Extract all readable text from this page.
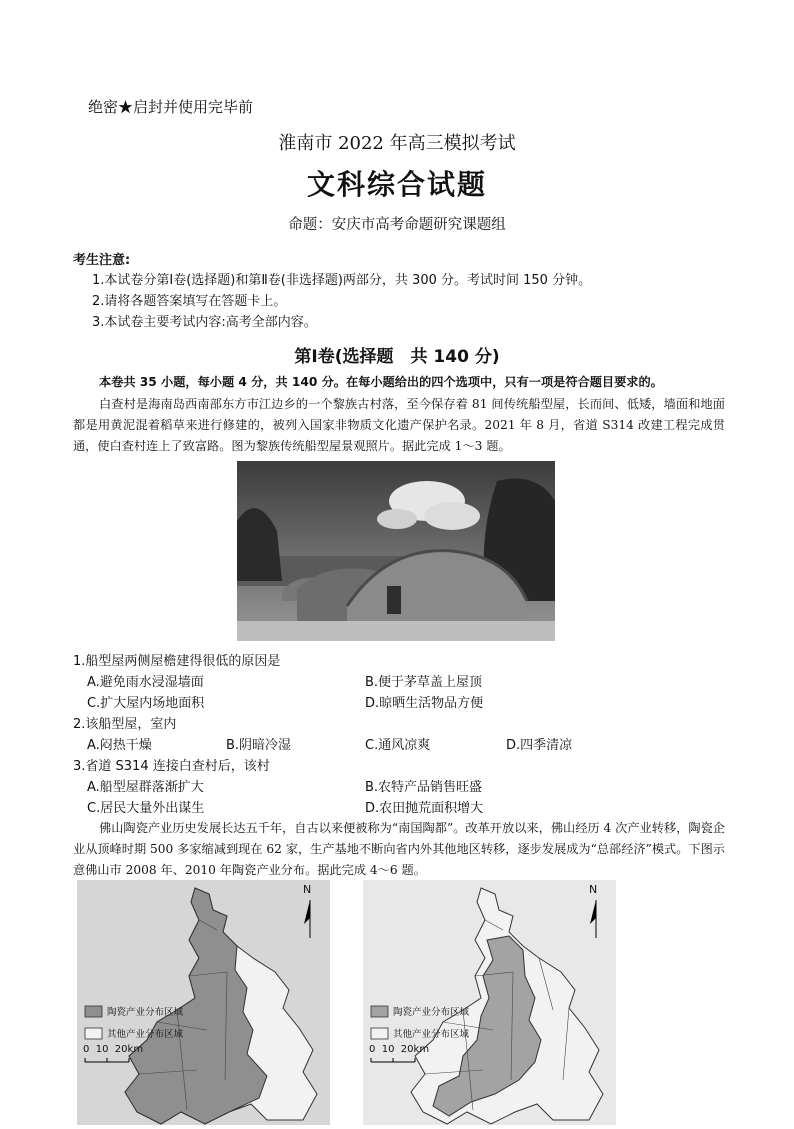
绝密★启封并使用完毕前
淮南市 2022 年高三模拟考试
文科综合试题
命题：安庆市高考命题研究课题组
考生注意:
1.本试卷分第Ⅰ卷(选择题)和第Ⅱ卷(非选择题)两部分，共 300 分。考试时间 150 分钟。
2.请将各题答案填写在答题卡上。
3.本试卷主要考试内容:高考全部内容。
第Ⅰ卷(选择题　共 140 分)
本卷共 35 小题，每小题 4 分，共 140 分。在每小题给出的四个选项中，只有一项是符合题目要求的。
白查村是海南岛西南部东方市江边乡的一个黎族古村落，至今保存着 81 间传统船型屋，长而间、低矮，墙面和地面都是用黄泥混着稻草来进行修建的，被列入国家非物质文化遗产保护名录。2021 年 8 月，省道 S314 改建工程完成贯通，使白查村连上了致富路。图为黎族传统船型屋景观照片。据此完成 1～3 题。
1.船型屋两侧屋檐建得很低的原因是
A.避免雨水浸湿墙面	B.便于茅草盖上屋顶
C.扩大屋内场地面积	D.晾晒生活物品方便
2.该船型屋，室内
A.闷热干燥	B.阴暗冷湿	C.通风凉爽	D.四季清凉
3.省道 S314 连接白查村后，该村
A.船型屋群落渐扩大	B.农特产品销售旺盛
C.居民大量外出谋生	D.农田抛荒面积增大
佛山陶瓷产业历史发展长达五千年，自古以来便被称为“南国陶都”。改革开放以来，佛山经历 4 次产业转移，陶瓷企业从顶峰时期 500 多家缩减到现在 62 家，生产基地不断向省内外其他地区转移，逐步发展成为“总部经济”模式。下图示意佛山市 2008 年、2010 年陶瓷产业分布。据此完成 4～6 题。
N
陶瓷产业分布区域
其他产业分布区域
0  10  20km
N
陶瓷产业分布区域
其他产业分布区域
0  10  20km
